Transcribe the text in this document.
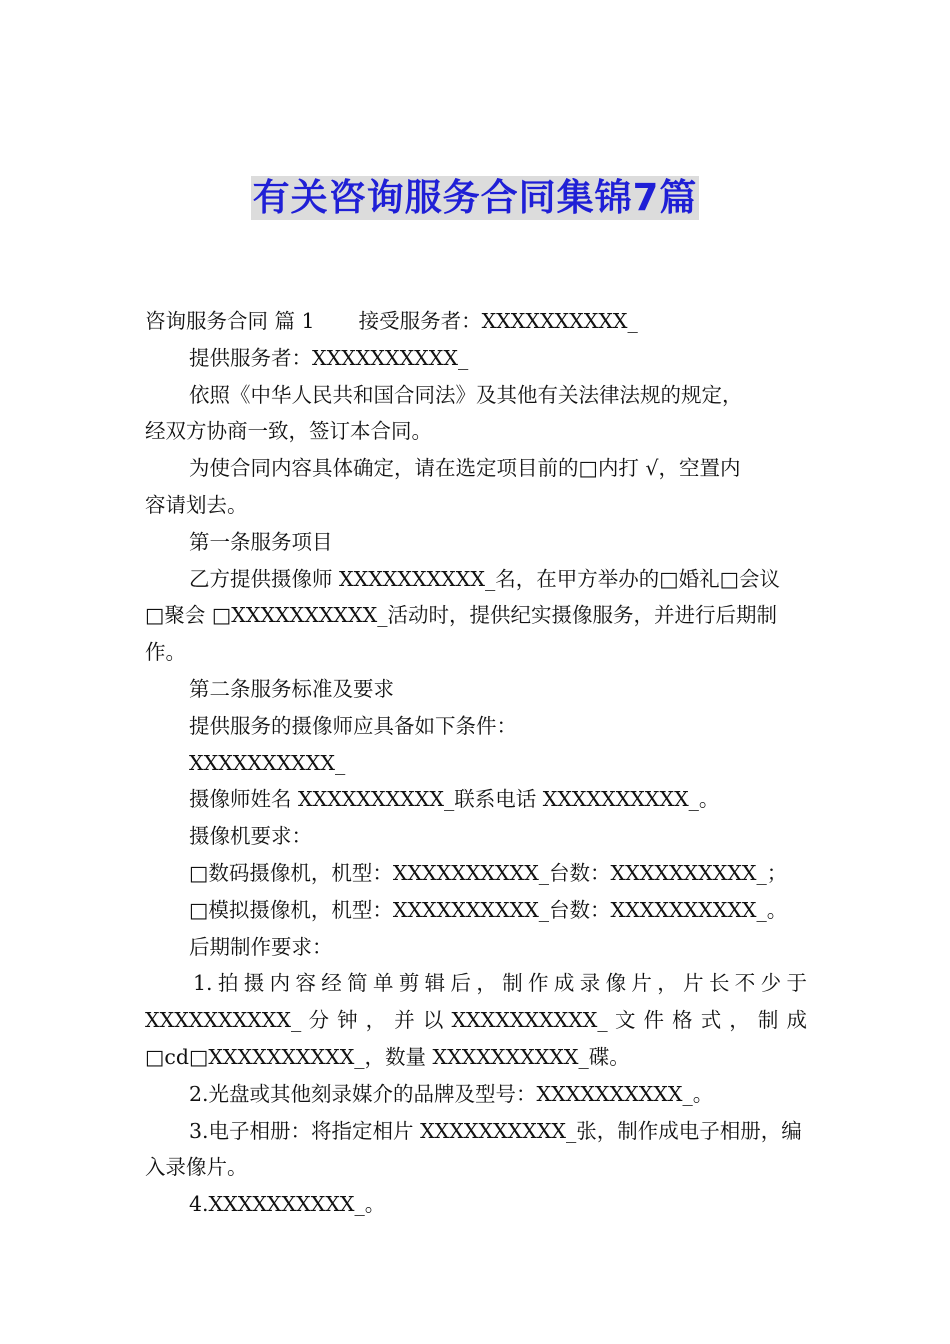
有关咨询服务合同集锦7篇
咨询服务合同 篇 1 接受服务者：XXXXXXXXXX_
提供服务者：XXXXXXXXXX_
依照《中华人民共和国合同法》及其他有关法律法规的规定，
经双方协商一致，签订本合同。
为使合同内容具体确定，请在选定项目前的□内打 √，空置内
容请划去。
第一条服务项目
乙方提供摄像师 XXXXXXXXXX_名，在甲方举办的□婚礼□会议
□聚会 □XXXXXXXXXX_活动时，提供纪实摄像服务，并进行后期制
作。
第二条服务标准及要求
提供服务的摄像师应具备如下条件：
XXXXXXXXXX_
摄像师姓名 XXXXXXXXXX_联系电话 XXXXXXXXXX_。
摄像机要求：
□数码摄像机，机型：XXXXXXXXXX_台数：XXXXXXXXXX_；
□模拟摄像机，机型：XXXXXXXXXX_台数：XXXXXXXXXX_。
后期制作要求：
1.拍摄内容经简单剪辑后，制作成录像片，片长不少于
XXXXXXXXXX_ 分 钟 ， 并 以 XXXXXXXXXX_ 文 件 格 式 ， 制 成
□cd□XXXXXXXXXX_，数量 XXXXXXXXXX_碟。
2.光盘或其他刻录媒介的品牌及型号：XXXXXXXXXX_。
3.电子相册：将指定相片 XXXXXXXXXX_张，制作成电子相册，编
入录像片。
4.XXXXXXXXXX_。
